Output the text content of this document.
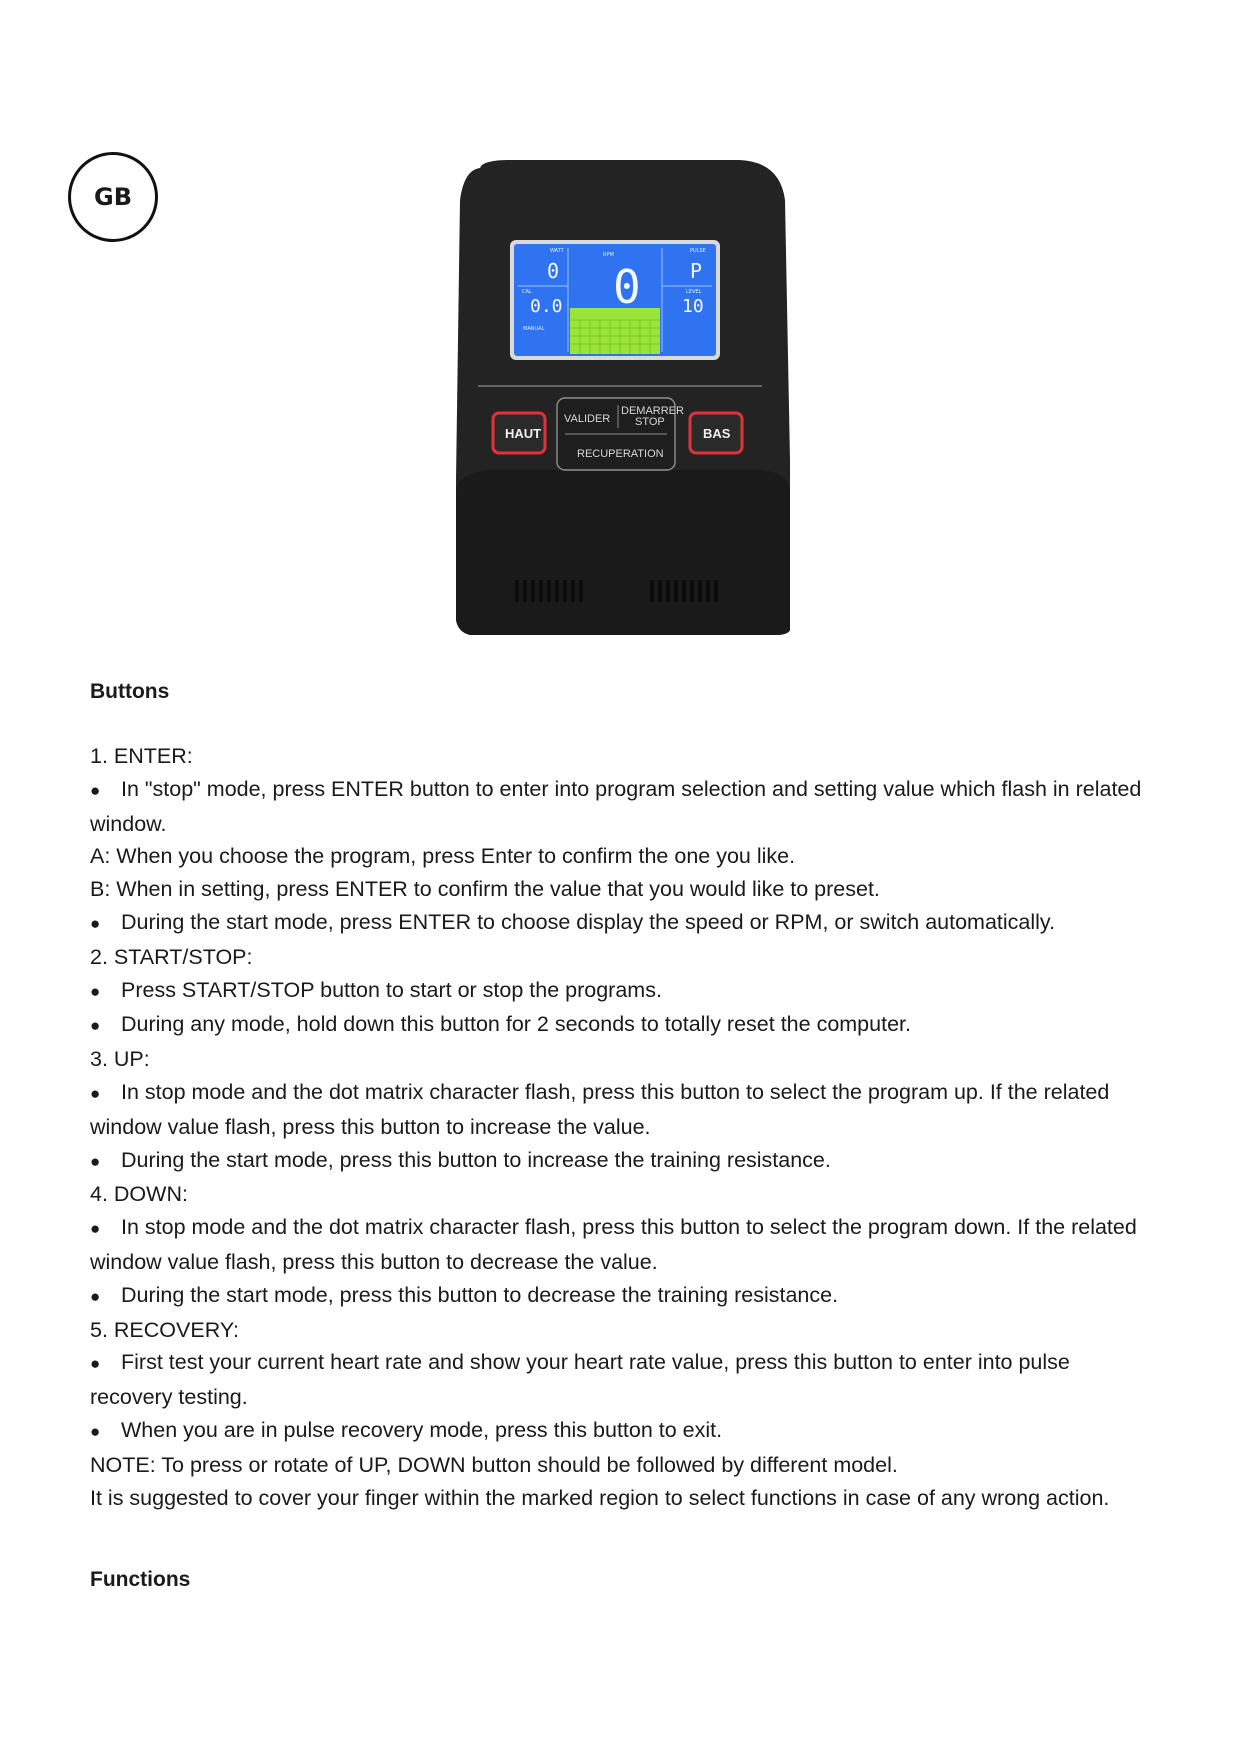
GB
WATT
0
RPM
0
PULSE
P
CAL
0.0
LEVEL
10
MANUAL
HAUT	BAS
VALIDER
DEMARRER
STOP
RECUPERATION
Buttons

1. ENTER:

● In "stop" mode, press ENTER button to enter into program selection and setting value which flash in related window.

A: When you choose the program, press Enter to confirm the one you like.

B: When in setting, press ENTER to confirm the value that you would like to preset.

● During the start mode, press ENTER to choose display the speed or RPM, or switch automatically.

2. START/STOP:

● Press START/STOP button to start or stop the programs.

● During any mode, hold down this button for 2 seconds to totally reset the computer.

3. UP:

● In stop mode and the dot matrix character flash, press this button to select the program up. If the related window value flash, press this button to increase the value.

● During the start mode, press this button to increase the training resistance.

4. DOWN:

● In stop mode and the dot matrix character flash, press this button to select the program down. If the related window value flash, press this button to decrease the value.

● During the start mode, press this button to decrease the training resistance.

5. RECOVERY:

● First test your current heart rate and show your heart rate value, press this button to enter into pulse recovery testing.

● When you are in pulse recovery mode, press this button to exit.

NOTE: To press or rotate of UP, DOWN button should be followed by different model.

It is suggested to cover your finger within the marked region to select functions in case of any wrong action.

Functions
